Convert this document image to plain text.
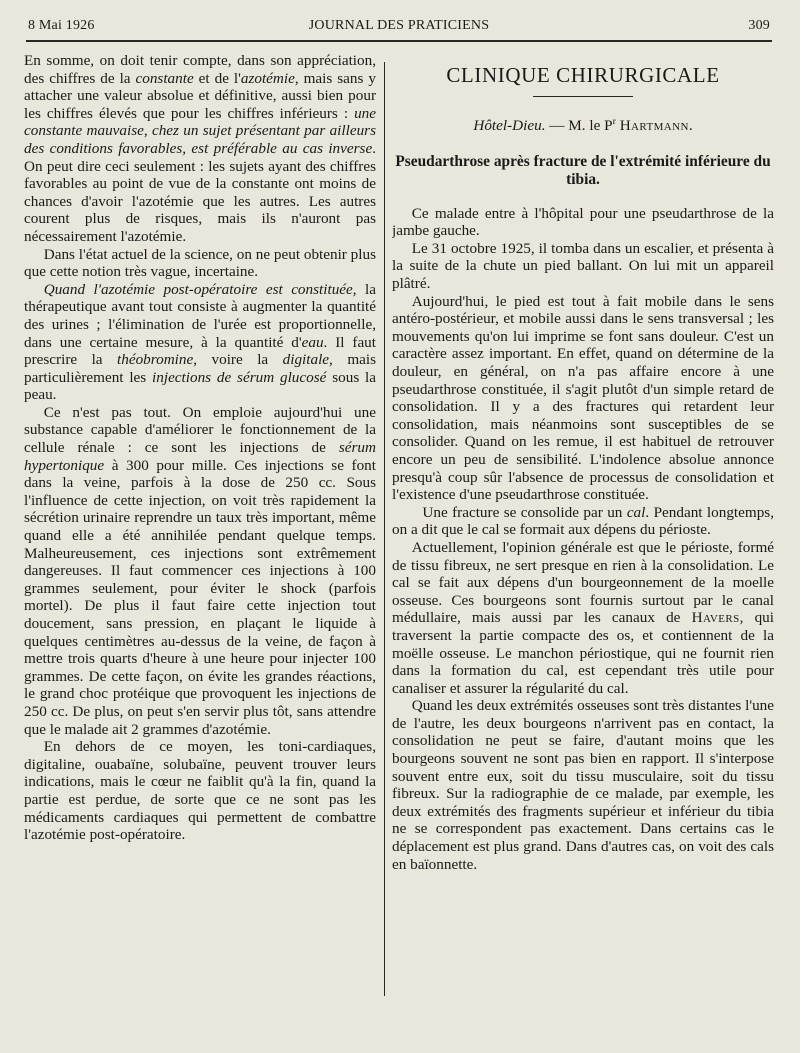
8 Mai 1926	JOURNAL DES PRATICIENS	309

En somme, on doit tenir compte, dans son appréciation, des chiffres de la constante et de l'azotémie, mais sans y attacher une valeur absolue et définitive, aussi bien pour les chiffres élevés que pour les chiffres inférieurs : une constante mauvaise, chez un sujet présentant par ailleurs des conditions favorables, est préférable au cas inverse. On peut dire ceci seulement : les sujets ayant des chiffres favorables au point de vue de la constante ont moins de chances d'avoir l'azotémie que les autres. Les autres courent plus de risques, mais ils n'auront pas nécessairement l'azotémie.

Dans l'état actuel de la science, on ne peut obtenir plus que cette notion très vague, incertaine.

Quand l'azotémie post-opératoire est constituée, la thérapeutique avant tout consiste à augmenter la quantité des urines ; l'élimination de l'urée est proportionnelle, dans une certaine mesure, à la quantité d'eau. Il faut prescrire la théobromine, voire la digitale, mais particulièrement les injections de sérum glucosé sous la peau.

Ce n'est pas tout. On emploie aujourd'hui une substance capable d'améliorer le fonctionnement de la cellule rénale : ce sont les injections de sérum hypertonique à 300 pour mille. Ces injections se font dans la veine, parfois à la dose de 250 cc. Sous l'influence de cette injection, on voit très rapidement la sécrétion urinaire reprendre un taux très important, même quand elle a été annihilée pendant quelque temps. Malheureusement, ces injections sont extrêmement dangereuses. Il faut commencer ces injections à 100 grammes seulement, pour éviter le shock (parfois mortel). De plus il faut faire cette injection tout doucement, sans pression, en plaçant le liquide à quelques centimètres au-dessus de la veine, de façon à mettre trois quarts d'heure à une heure pour injecter 100 grammes. De cette façon, on évite les grandes réactions, le grand choc protéique que provoquent les injections de 250 cc. De plus, on peut s'en servir plus tôt, sans attendre que le malade ait 2 grammes d'azotémie.

En dehors de ce moyen, les toni-cardiaques, digitaline, ouabaïne, solubaïne, peuvent trouver leurs indications, mais le cœur ne faiblit qu'à la fin, quand la partie est perdue, de sorte que ce ne sont pas les médicaments cardiaques qui permettent de combattre l'azotémie post-opératoire.

CLINIQUE CHIRURGICALE
Hôtel-Dieu. — M. le $P^r$ Hartmann.
Pseudarthrose après fracture de l'extrémité inférieure du tibia.

Ce malade entre à l'hôpital pour une pseudarthrose de la jambe gauche.

Le 31 octobre 1925, il tomba dans un escalier, et présenta à la suite de la chute un pied ballant. On lui mit un appareil plâtré.

Aujourd'hui, le pied est tout à fait mobile dans le sens antéro-postérieur, et mobile aussi dans le sens transversal ; les mouvements qu'on lui imprime se font sans douleur. C'est un caractère assez important. En effet, quand on détermine de la douleur, en général, on n'a pas affaire encore à une pseudarthrose constituée, il s'agit plutôt d'un simple retard de consolidation. Il y a des fractures qui retardent leur consolidation, mais néanmoins sont susceptibles de se consolider. Quand on les remue, il est habituel de retrouver encore un peu de sensibilité. L'indolence absolue annonce presqu'à coup sûr l'absence de processus de consolidation et l'existence d'une pseudarthrose constituée.

Une fracture se consolide par un cal. Pendant longtemps, on a dit que le cal se formait aux dépens du périoste.

Actuellement, l'opinion générale est que le périoste, formé de tissu fibreux, ne sert presque en rien à la consolidation. Le cal se fait aux dépens d'un bourgeonnement de la moelle osseuse. Ces bourgeons sont fournis surtout par le canal médullaire, mais aussi par les canaux de Havers, qui traversent la partie compacte des os, et contiennent de la moëlle osseuse. Le manchon périostique, qui ne fournit rien dans la formation du cal, est cependant très utile pour canaliser et assurer la régularité du cal.

Quand les deux extrémités osseuses sont très distantes l'une de l'autre, les deux bourgeons n'arrivent pas en contact, la consolidation ne peut se faire, d'autant moins que les bourgeons souvent ne sont pas bien en rapport. Il s'interpose souvent entre eux, soit du tissu musculaire, soit du tissu fibreux. Sur la radiographie de ce malade, par exemple, les deux extrémités des fragments supérieur et inférieur du tibia ne se correspondent pas exactement. Dans certains cas le déplacement est plus grand. Dans d'autres cas, on voit des cals en baïonnette.
